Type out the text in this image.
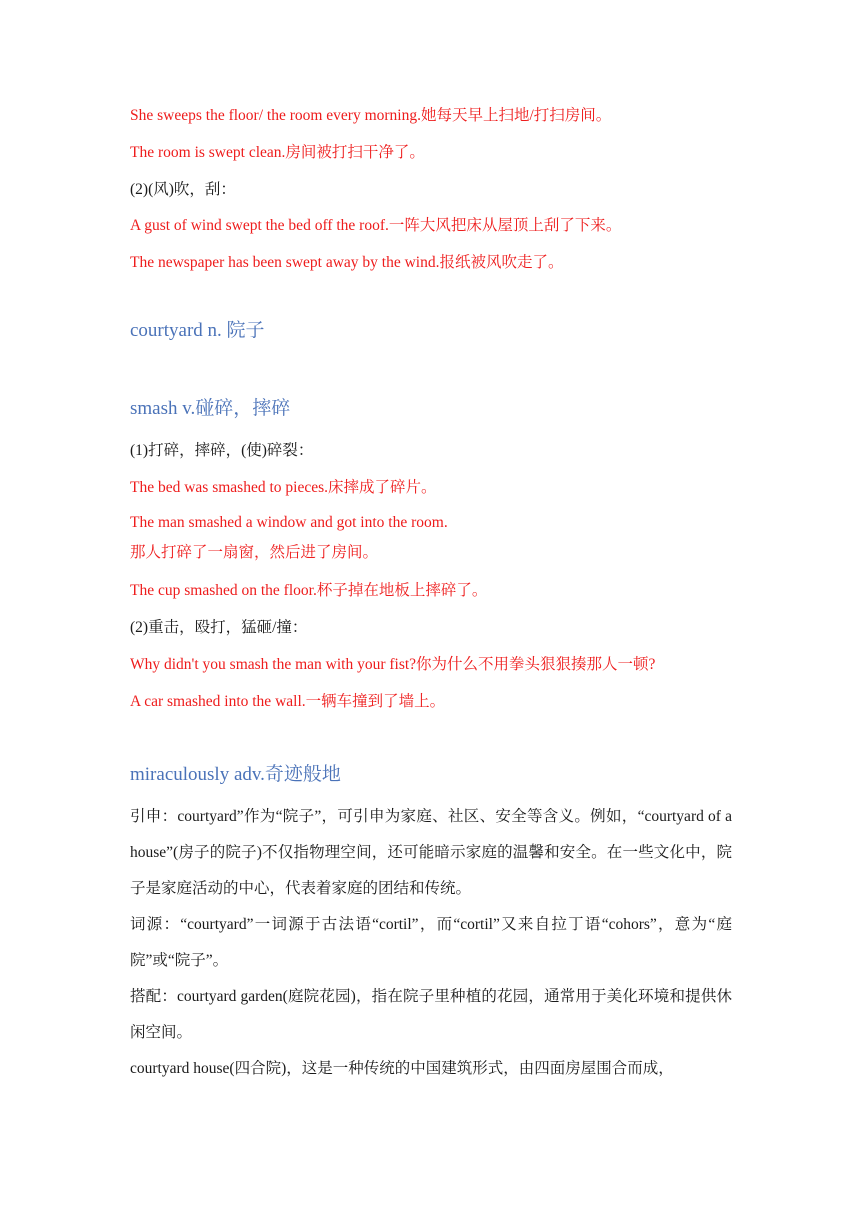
She sweeps the floor/ the room every morning.她每天早上扫地/打扫房间。
The room is swept clean.房间被打扫干净了。
(2)(风)吹，刮：
A gust of wind swept the bed off the roof.一阵大风把床从屋顶上刮了下来。
The newspaper has been swept away by the wind.报纸被风吹走了。
courtyard n. 院子
smash v.碰碎，摔碎
(1)打碎，摔碎，(使)碎裂：
The bed was smashed to pieces.床摔成了碎片。
The man smashed a window and got into the room.
那人打碎了一扇窗，然后进了房间。
The cup smashed on the floor.杯子掉在地板上摔碎了。
(2)重击，殴打，猛砸/撞：
Why didn't you smash the man with your fist?你为什么不用拳头狠狠揍那人一顿?
A car smashed into the wall.一辆车撞到了墙上。
miraculously adv.奇迹般地

引申：courtyard”作为“院子”，可引申为家庭、社区、安全等含义。例如，“courtyard of a house”(房子的院子)不仅指物理空间，还可能暗示家庭的温馨和安全。在一些文化中，院子是家庭活动的中心，代表着家庭的团结和传统。

词源：“courtyard”一词源于古法语“cortil”，而“cortil”又来自拉丁语“cohors”，意为“庭院”或“院子”。

搭配：courtyard garden(庭院花园)，指在院子里种植的花园，通常用于美化环境和提供休闲空间。

courtyard house(四合院)，这是一种传统的中国建筑形式，由四面房屋围合而成，
